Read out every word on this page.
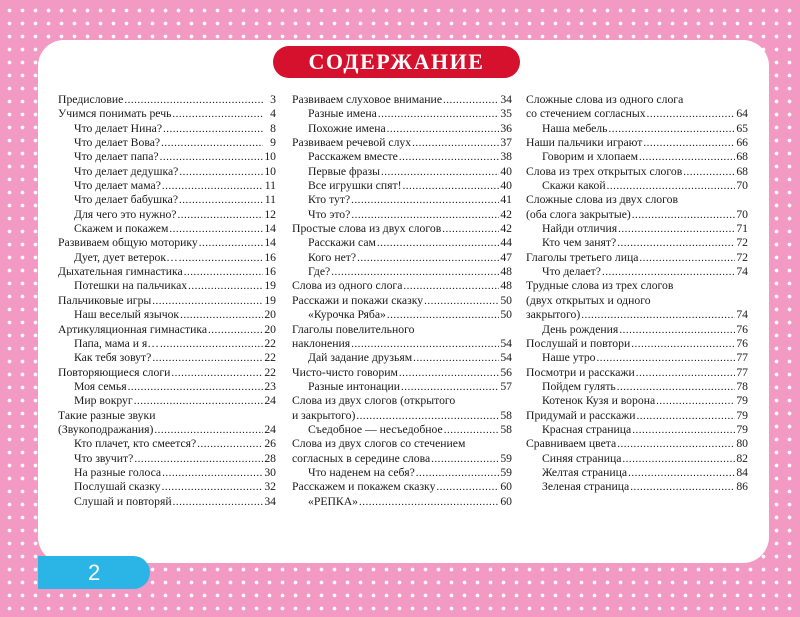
СОДЕРЖАНИЕ
Предисловие .....	3
Учимся понимать речь .....	4
Что делает Нина? .....	8
Что делает Вова? .....	9
Что делает папа? .....	10
Что делает дедушка? .....	10
Что делает мама? .....	11
Что делает бабушка? .....	11
Для чего это нужно? .....	12
Скажем и покажем .....	14
Развиваем общую моторику .....	14
Дует, дует ветерок… .....	16
Дыхательная гимнастика .....	16
Потешки на пальчиках .....	19
Пальчиковые игры .....	19
Наш веселый язычок .....	20
Артикуляционная гимнастика .....	20
Папа, мама и я… .....	22
Как тебя зовут? .....	22
Повторяющиеся слоги .....	22
Моя семья .....	23
Мир вокруг .....	24
Такие разные звуки
(Звукоподражания) .....	24
Кто плачет, кто смеется? .....	26
Что звучит? .....	28
На разные голоса .....	30
Послушай сказку .....	32
Слушай и повторяй .....	34
Развиваем слуховое внимание .....	34
Разные имена .....	35
Похожие имена .....	36
Развиваем речевой слух .....	37
Расскажем вместе .....	38
Первые фразы .....	40
Все игрушки спят! .....	40
Кто тут? .....	41
Что это? .....	42
Простые слова из двух слогов .....	42
Расскажи сам .....	44
Кого нет? .....	47
Где? .....	48
Слова из одного слога .....	48
Расскажи и покажи сказку .....	50
«Курочка Ряба» .....	50
Глаголы повелительного
наклонения .....	54
Дай задание друзьям .....	54
Чисто-чисто говорим .....	56
Разные интонации .....	57
Слова из двух слогов (открытого
и закрытого) .....	58
Съедобное — несъедобное .....	58
Слова из двух слогов со стечением
согласных в середине слова .....	59
Что наденем на себя? .....	59
Расскажем и покажем сказку .....	60
«РЕПКА» .....	60
Сложные слова из одного слога
со стечением согласных .....	64
Наша мебель .....	65
Наши пальчики играют .....	66
Говорим и хлопаем .....	68
Слова из трех открытых слогов .....	68
Скажи какой .....	70
Сложные слова из двух слогов
(оба слога закрытые) .....	70
Найди отличия .....	71
Кто чем занят? .....	72
Глаголы третьего лица .....	72
Что делает? .....	74
Трудные слова из трех слогов
(двух открытых и одного
закрытого) .....	74
День рождения .....	76
Послушай и повтори .....	76
Наше утро .....	77
Посмотри и расскажи .....	77
Пойдем гулять .....	78
Котенок Кузя и ворона .....	79
Придумай и расскажи .....	79
Красная страница .....	79
Сравниваем цвета .....	80
Синяя страница .....	82
Желтая страница .....	84
Зеленая страница .....	86
2
